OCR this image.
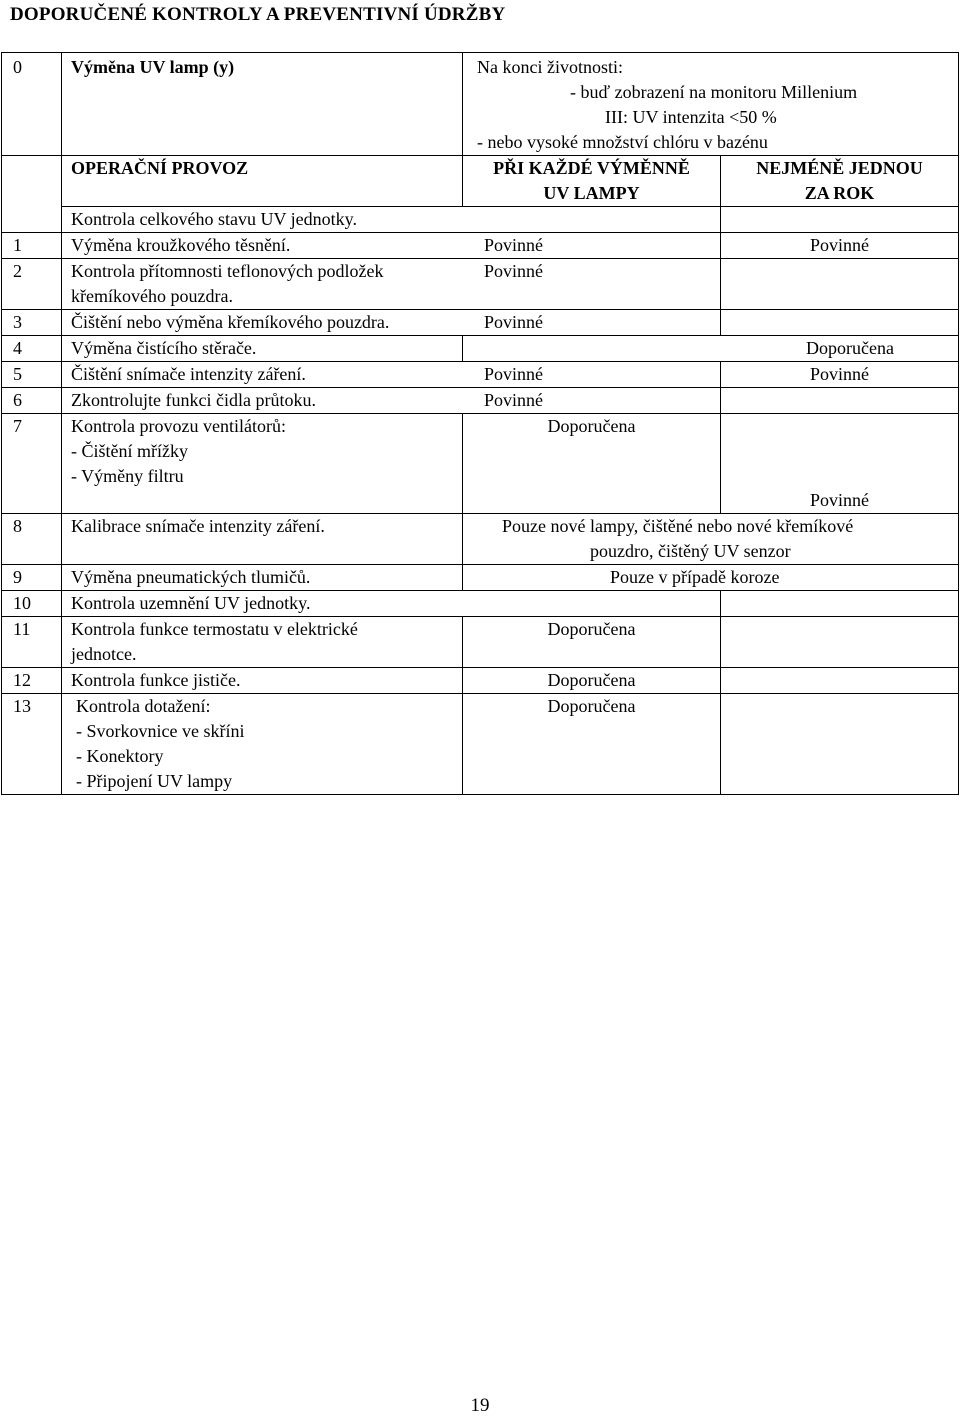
DOPORUČENÉ KONTROLY A PREVENTIVNÍ ÚDRŽBY
0	Výměna UV lamp (y)	Na konci životnosti:
- buď zobrazení na monitoru Millenium
III: UV intenzita <50 %
- nebo vysoké množství chlóru v bazénu	

	OPERAČNÍ PROVOZ	PŘI KAŽDÉ VÝMĚNNĚ
UV LAMPY	NEJMÉNĚ JEDNOU
ZA ROK

	Kontrola celkového stavu UV jednotky.		
1	Výměna kroužkového těsnění. Povinné		Povinné
2	Kontrola přítomnosti teflonových podložek Povinné
křemíkového pouzdra.		

3	Čištění nebo výměna křemíkového pouzdra. Povinné		

4	Výměna čistícího stěrače.	Doporučena	

5	Čištění snímače intenzity záření. Povinné		Povinné
6	Zkontrolujte funkci čidla průtoku. Povinné		

7	Kontrola provozu ventilátorů:
- Čištění mřížky
- Výměny filtru	Doporučena	Povinné
8	Kalibrace snímače intenzity záření.	Pouze nové lampy, čištěné nebo nové křemíkové
pouzdro, čištěný UV senzor	

9	Výměna pneumatických tlumičů.	Pouze v případě koroze	
10	Kontrola uzemnění UV jednotky.		
11	Kontrola funkce termostatu v elektrické
jednotce.	Doporučena	
12	Kontrola funkce jističe.	Doporučena	
13	Kontrola dotažení:
- Svorkovnice ve skříni
- Konektory
- Připojení UV lampy	Doporučena	
19
